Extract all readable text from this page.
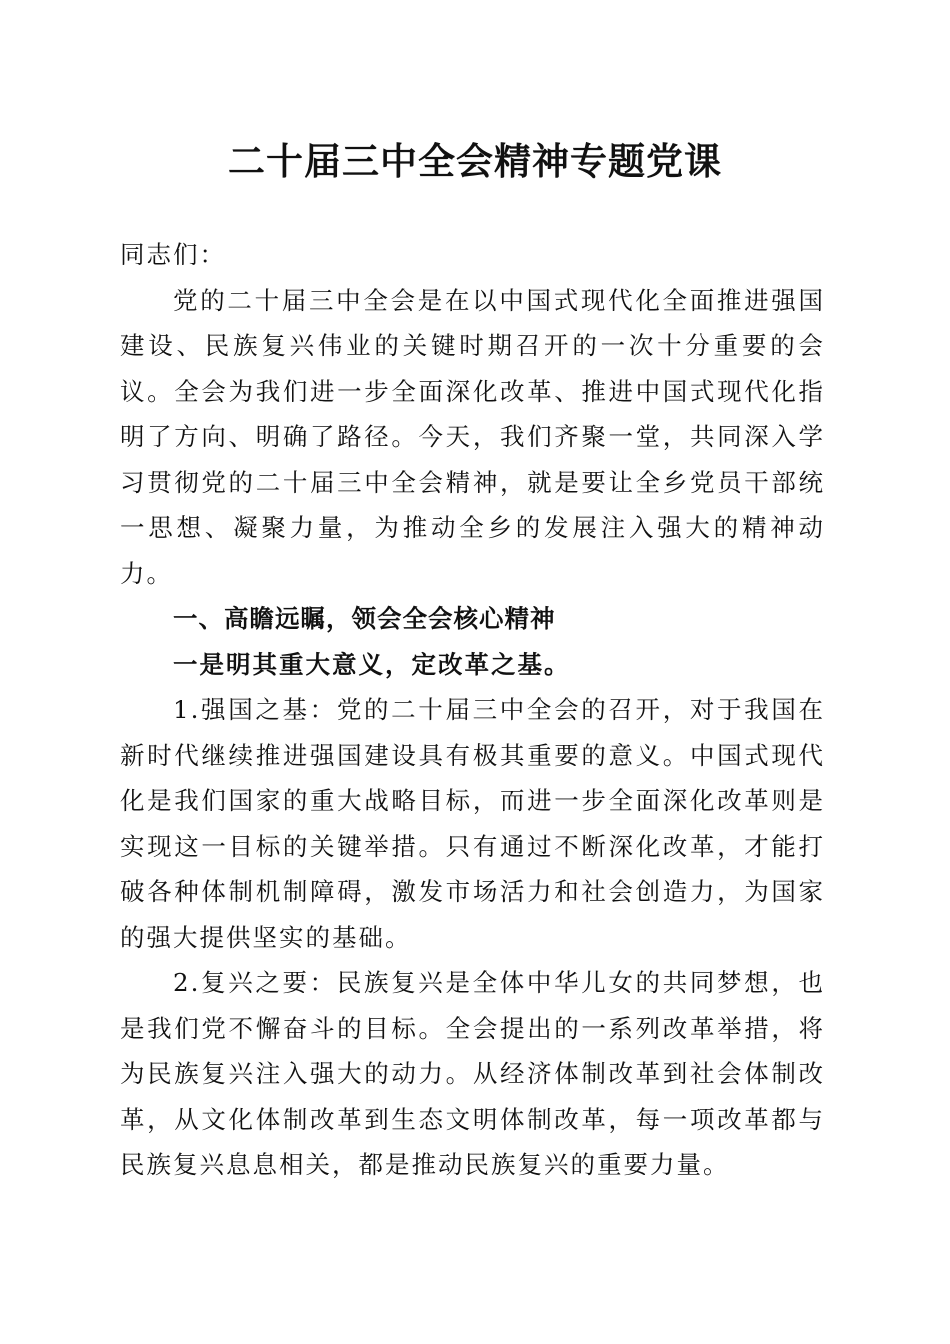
二十届三中全会精神专题党课

同志们：

党的二十届三中全会是在以中国式现代化全面推进强国建设、民族复兴伟业的关键时期召开的一次十分重要的会议。全会为我们进一步全面深化改革、推进中国式现代化指明了方向、明确了路径。今天，我们齐聚一堂，共同深入学习贯彻党的二十届三中全会精神，就是要让全乡党员干部统一思想、凝聚力量，为推动全乡的发展注入强大的精神动力。

一、高瞻远瞩，领会全会核心精神

一是明其重大意义，定改革之基。

1.强国之基：党的二十届三中全会的召开，对于我国在新时代继续推进强国建设具有极其重要的意义。中国式现代化是我们国家的重大战略目标，而进一步全面深化改革则是实现这一目标的关键举措。只有通过不断深化改革，才能打破各种体制机制障碍，激发市场活力和社会创造力，为国家的强大提供坚实的基础。

2.复兴之要：民族复兴是全体中华儿女的共同梦想，也是我们党不懈奋斗的目标。全会提出的一系列改革举措，将为民族复兴注入强大的动力。从经济体制改革到社会体制改革，从文化体制改革到生态文明体制改革，每一项改革都与民族复兴息息相关，都是推动民族复兴的重要力量。
